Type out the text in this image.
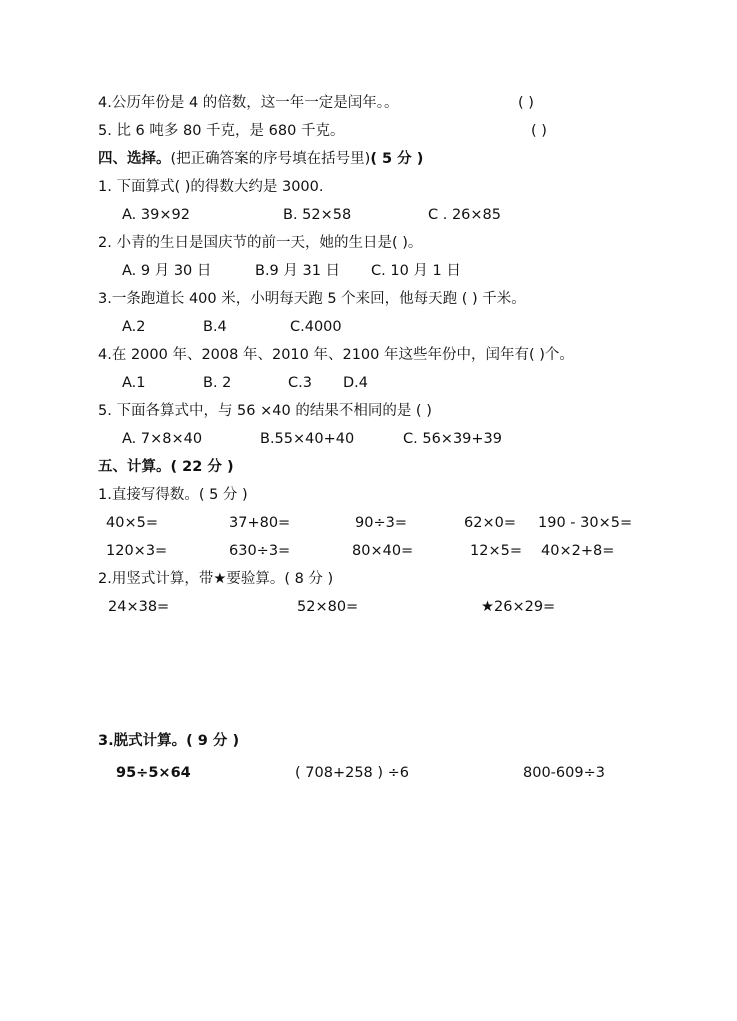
4.公历年份是 4 的倍数，这一年一定是闰年。。	( )
5. 比 6 吨多 80 千克，是 680 千克。	( )
四、选择。(把正确答案的序号填在括号里)( 5 分 )
1. 下面算式( )的得数大约是 3000.
A. 39×92	B. 52×58	C . 26×85
2. 小青的生日是国庆节的前一天，她的生日是( )。
A. 9 月 30 日	B.9 月 31 日 C. 10 月 1 日
3.一条跑道长 400 米，小明每天跑 5 个来回，他每天跑 ( ) 千米。
A.2	B.4	C.4000
4.在 2000 年、2008 年、2010 年、2100 年这些年份中，闰年有( )个。
A.1	B. 2	C.3 D.4
5. 下面各算式中，与 56 ×40 的结果不相同的是 ( )
A. 7×8×40	B.55×40+40	C. 56×39+39
五、计算。( 22 分 )
1.直接写得数。( 5 分 )
40×5=	37+80=	90÷3=	62×0= 190 - 30×5=
120×3=	630÷3=	80×40=	12×5= 40×2+8=
2.用竖式计算，带★要验算。( 8 分 )
24×38=	52×80=	★26×29=
3.脱式计算。( 9 分 )
95÷5×64	( 708+258 ) ÷6	800-609÷3
